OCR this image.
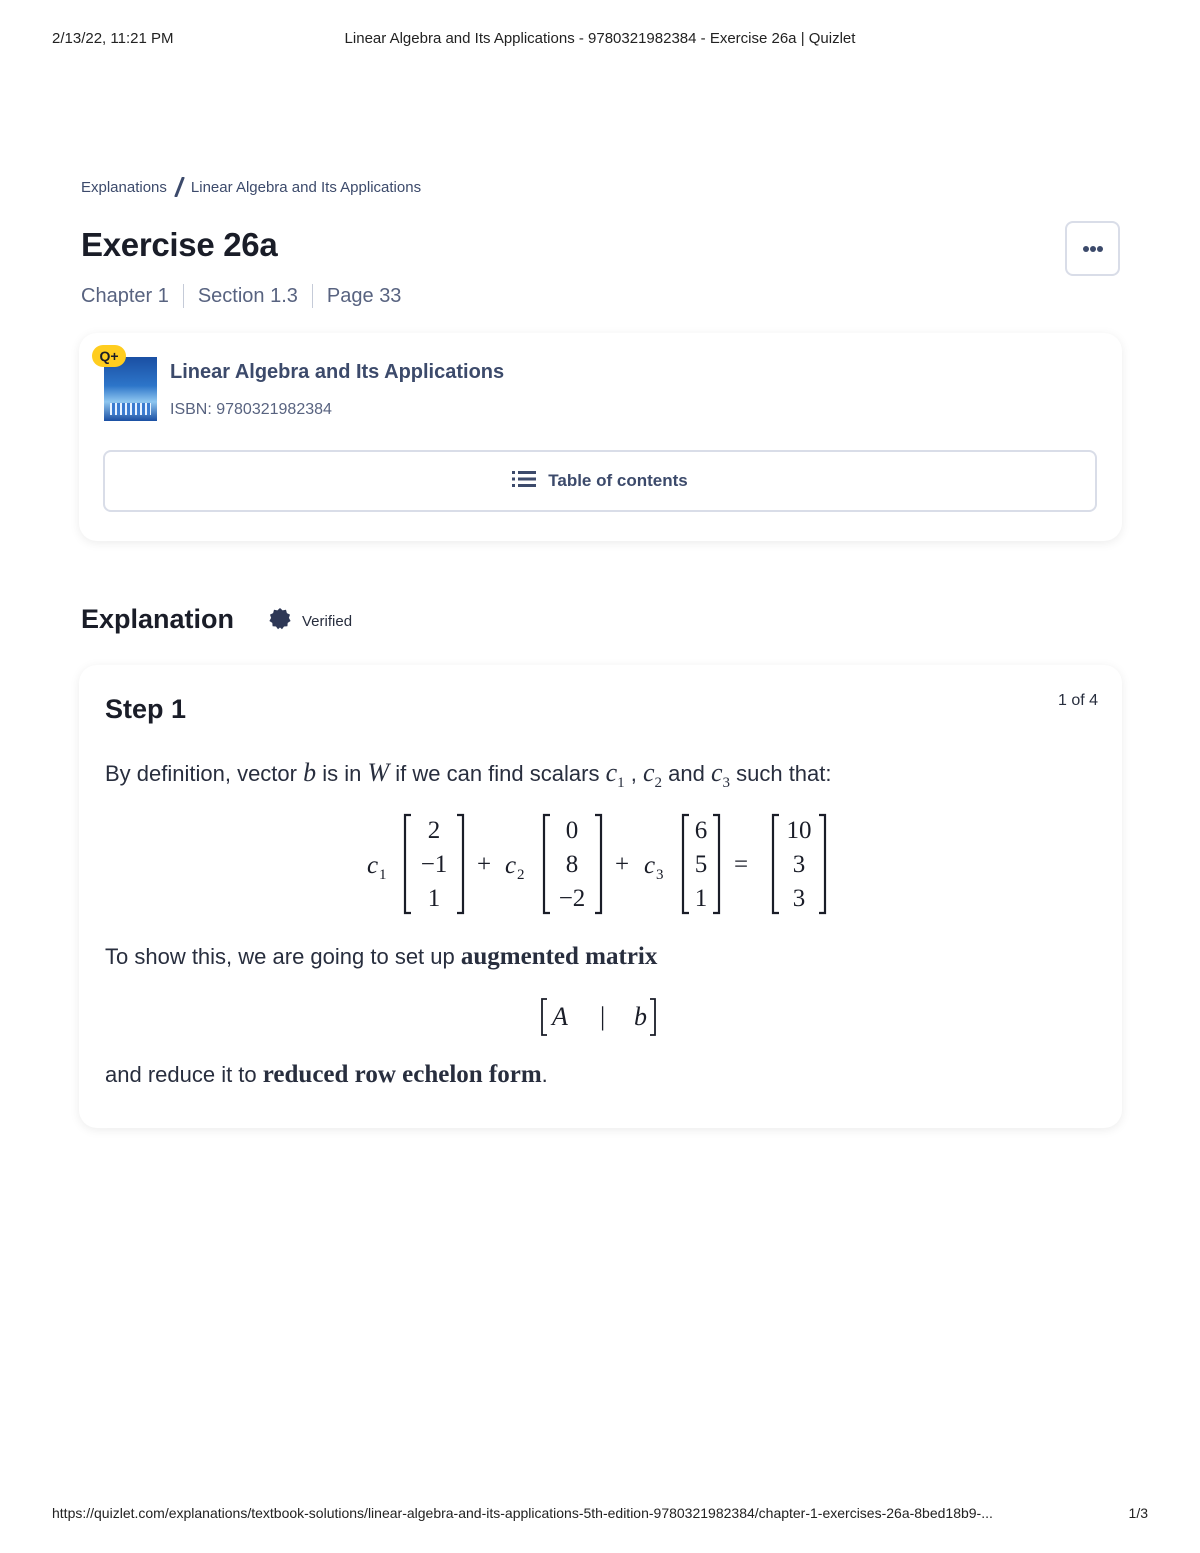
2/13/22, 11:21 PM	Linear Algebra and Its Applications - 9780321982384 - Exercise 26a | Quizlet
Explanations Linear Algebra and Its Applications
Exercise 26a
Chapter 1 Section 1.3 Page 33
Q+
Linear Algebra and Its Applications
ISBN: 9780321982384
Table of contents
Explanation	Verified
Step 1	1 of 4
By definition, vector b is in W if we can find scalars $c_1$ , $c_2$ and $c_3$ such that:
c 1
2
−1
1
+ c 2
0
8
−2
+ c 3
6
5
1
=
10
3
3
To show this, we are going to set up augmented matrix
A | b
and reduce it to reduced row echelon form.
https://quizlet.com/explanations/textbook-solutions/linear-algebra-and-its-applications-5th-edition-9780321982384/chapter-1-exercises-26a-8bed18b9-...	1/3
